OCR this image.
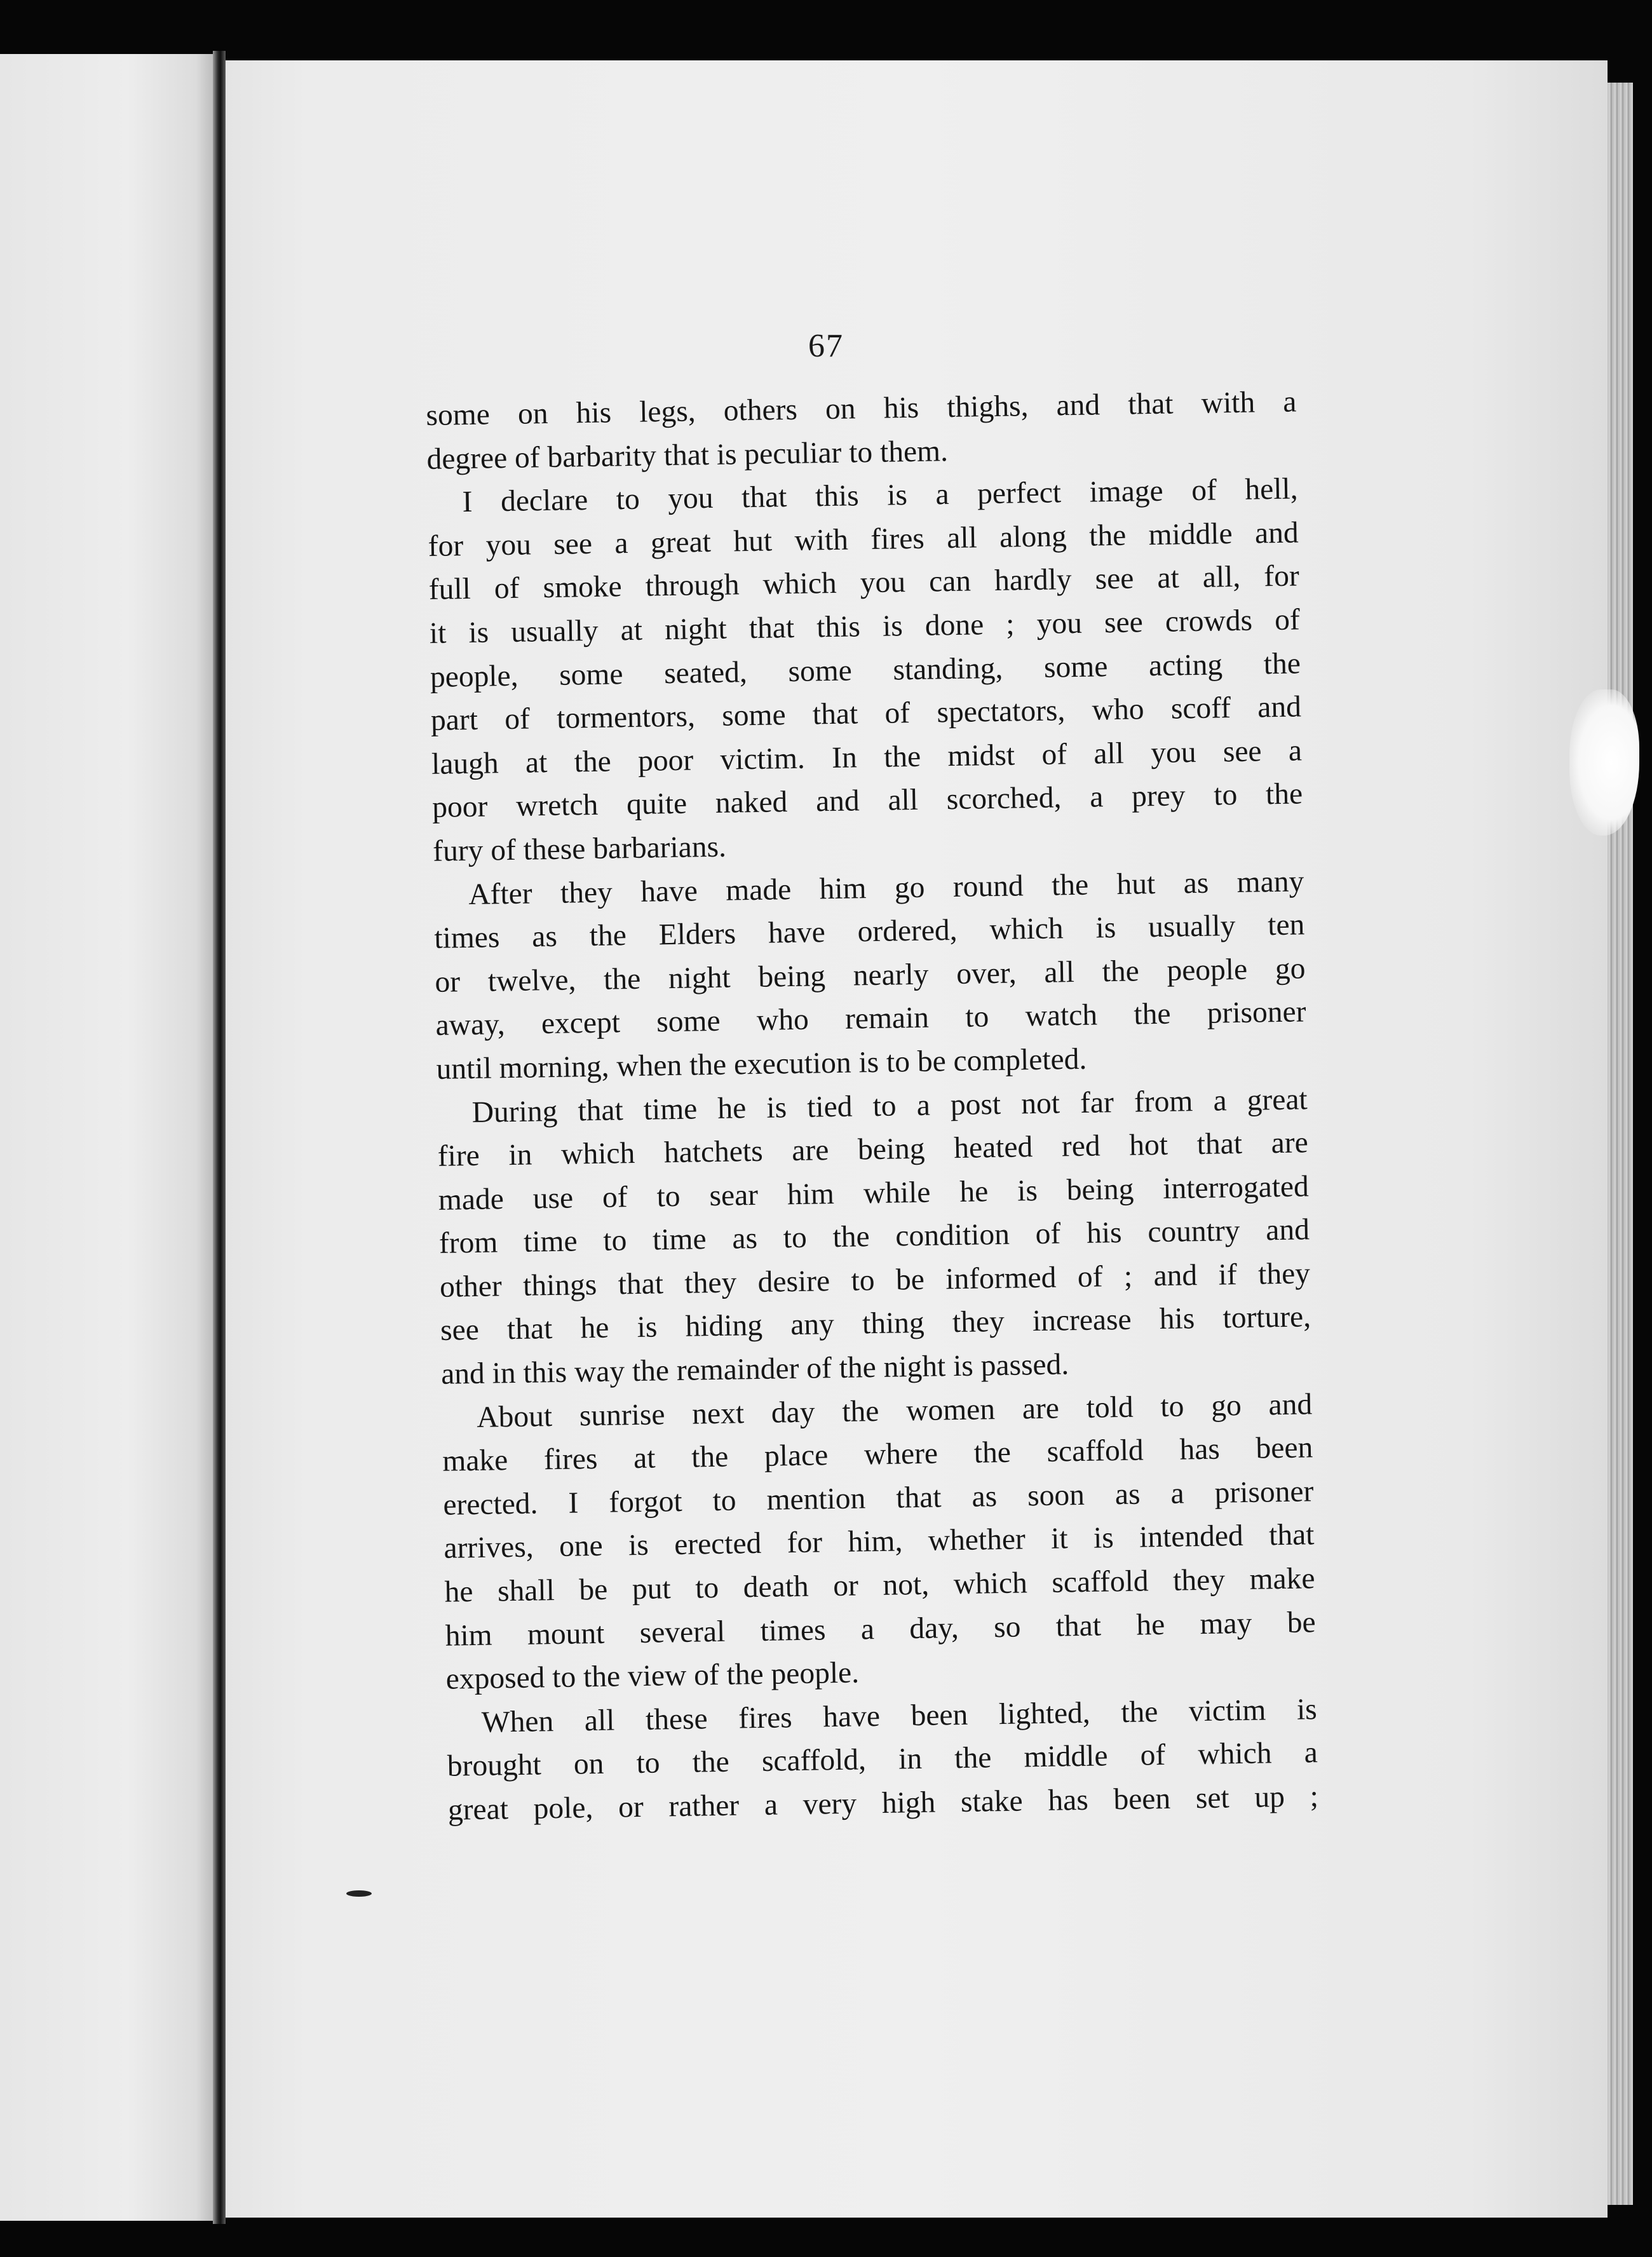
67
some on his legs, others on his thighs, and that with a
degree of barbarity that is peculiar to them.
I declare to you that this is a perfect image of hell,
for you see a great hut with fires all along the middle and
full of smoke through which you can hardly see at all, for
it is usually at night that this is done ; you see crowds of
people, some seated, some standing, some acting the
part of tormentors, some that of spectators, who scoff and
laugh at the poor victim. In the midst of all you see a
poor wretch quite naked and all scorched, a prey to the
fury of these barbarians.
After they have made him go round the hut as many
times as the Elders have ordered, which is usually ten
or twelve, the night being nearly over, all the people go
away, except some who remain to watch the prisoner
until morning, when the execution is to be completed.
During that time he is tied to a post not far from a great
fire in which hatchets are being heated red hot that are
made use of to sear him while he is being interrogated
from time to time as to the condition of his country and
other things that they desire to be informed of ; and if they
see that he is hiding any thing they increase his torture,
and in this way the remainder of the night is passed.
About sunrise next day the women are told to go and
make fires at the place where the scaffold has been
erected. I forgot to mention that as soon as a prisoner
arrives, one is erected for him, whether it is intended that
he shall be put to death or not, which scaffold they make
him mount several times a day, so that he may be
exposed to the view of the people.
When all these fires have been lighted, the victim is
brought on to the scaffold, in the middle of which a
great pole, or rather a very high stake has been set up ;
